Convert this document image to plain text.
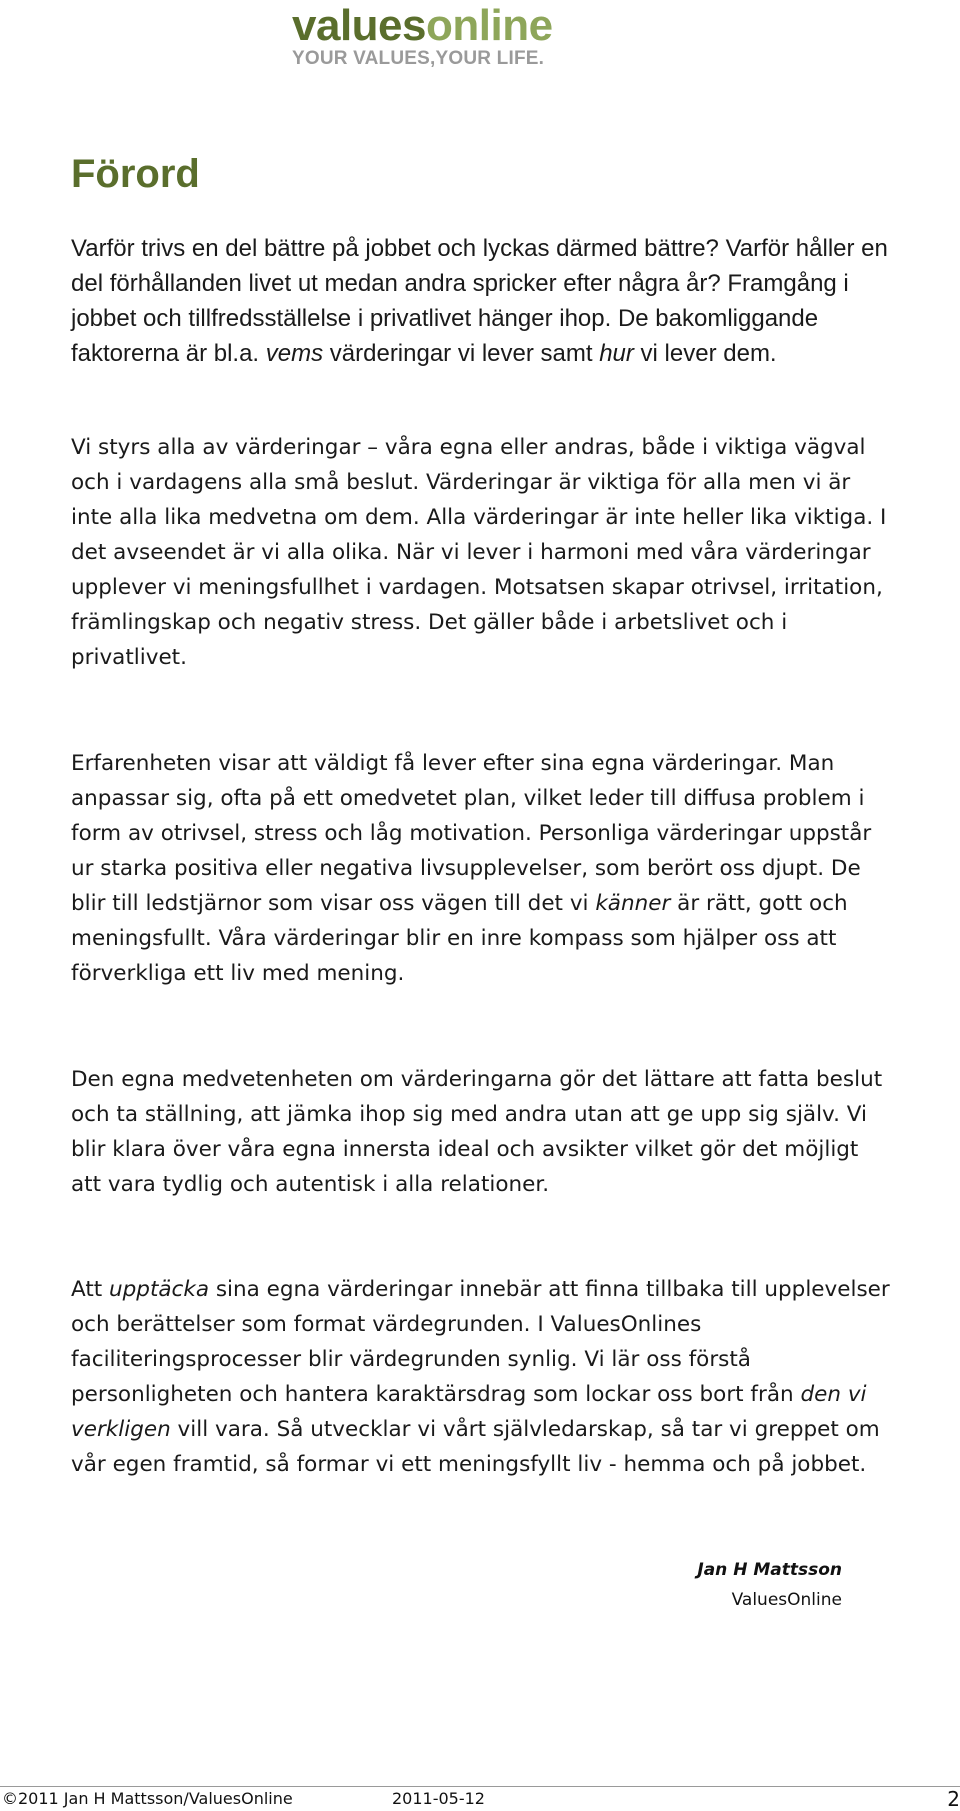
valuesonline
YOUR VALUES,YOUR LIFE.
Förord

Varför trivs en del bättre på jobbet och lyckas därmed bättre? Varför håller en del förhållanden livet ut medan andra spricker efter några år? Framgång i jobbet och tillfredsställelse i privatlivet hänger ihop. De bakomliggande faktorerna är bl.a. vems värderingar vi lever samt hur vi lever dem.

Vi styrs alla av värderingar – våra egna eller andras, både i viktiga vägval och i vardagens alla små beslut. Värderingar är viktiga för alla men vi är inte alla lika medvetna om dem. Alla värderingar är inte heller lika viktiga. I det avseendet är vi alla olika. När vi lever i harmoni med våra värderingar upplever vi meningsfullhet i vardagen. Motsatsen skapar otrivsel, irritation, främlingskap och negativ stress. Det gäller både i arbetslivet och i privatlivet.

Erfarenheten visar att väldigt få lever efter sina egna värderingar. Man anpassar sig, ofta på ett omedvetet plan, vilket leder till diffusa problem i form av otrivsel, stress och låg motivation. Personliga värderingar uppstår ur starka positiva eller negativa livsupplevelser, som berört oss djupt. De blir till ledstjärnor som visar oss vägen till det vi känner är rätt, gott och meningsfullt. Våra värderingar blir en inre kompass som hjälper oss att förverkliga ett liv med mening.

Den egna medvetenheten om värderingarna gör det lättare att fatta beslut och ta ställning, att jämka ihop sig med andra utan att ge upp sig själv. Vi blir klara över våra egna innersta ideal och avsikter vilket gör det möjligt att vara tydlig och autentisk i alla relationer.

Att upptäcka sina egna värderingar innebär att finna tillbaka till upplevelser och berättelser som format värdegrunden. I ValuesOnlines faciliteringsprocesser blir värdegrunden synlig. Vi lär oss förstå personligheten och hantera karaktärsdrag som lockar oss bort från den vi verkligen vill vara. Så utvecklar vi vårt självledarskap, så tar vi greppet om vår egen framtid, så formar vi ett meningsfyllt liv - hemma och på jobbet.

Jan H Mattsson
ValuesOnline
©2011 Jan H Mattsson/ValuesOnline	2011-05-12	2
